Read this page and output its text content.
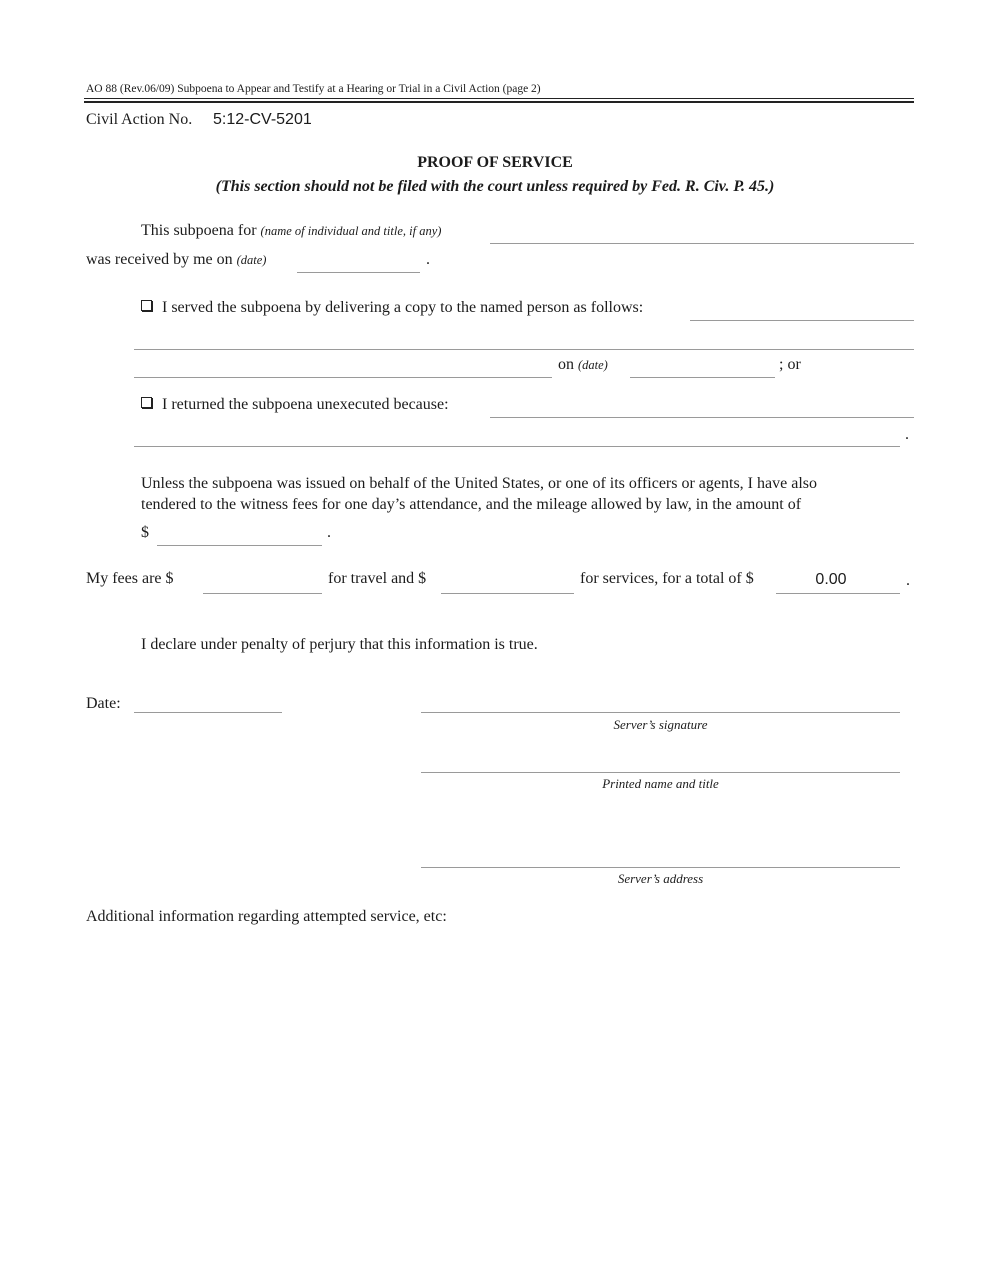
AO 88 (Rev.06/09) Subpoena to Appear and Testify at a Hearing or Trial in a Civil Action (page 2)
Civil Action No. 5:12-CV-5201
PROOF OF SERVICE
(This section should not be filed with the court unless required by Fed. R. Civ. P. 45.)
This subpoena for (name of individual and title, if any)
was received by me on (date)	.
I served the subpoena by delivering a copy to the named person as follows:
on (date)	; or
I returned the subpoena unexecuted because:
.
Unless the subpoena was issued on behalf of the United States, or one of its officers or agents, I have also
tendered to the witness fees for one day’s attendance, and the mileage allowed by law, in the amount of
$	.
My fees are $	for travel and $	for services, for a total of $	0.00	.
I declare under penalty of perjury that this information is true.
Date:
Server’s signature
Printed name and title
Server’s address
Additional information regarding attempted service, etc:
